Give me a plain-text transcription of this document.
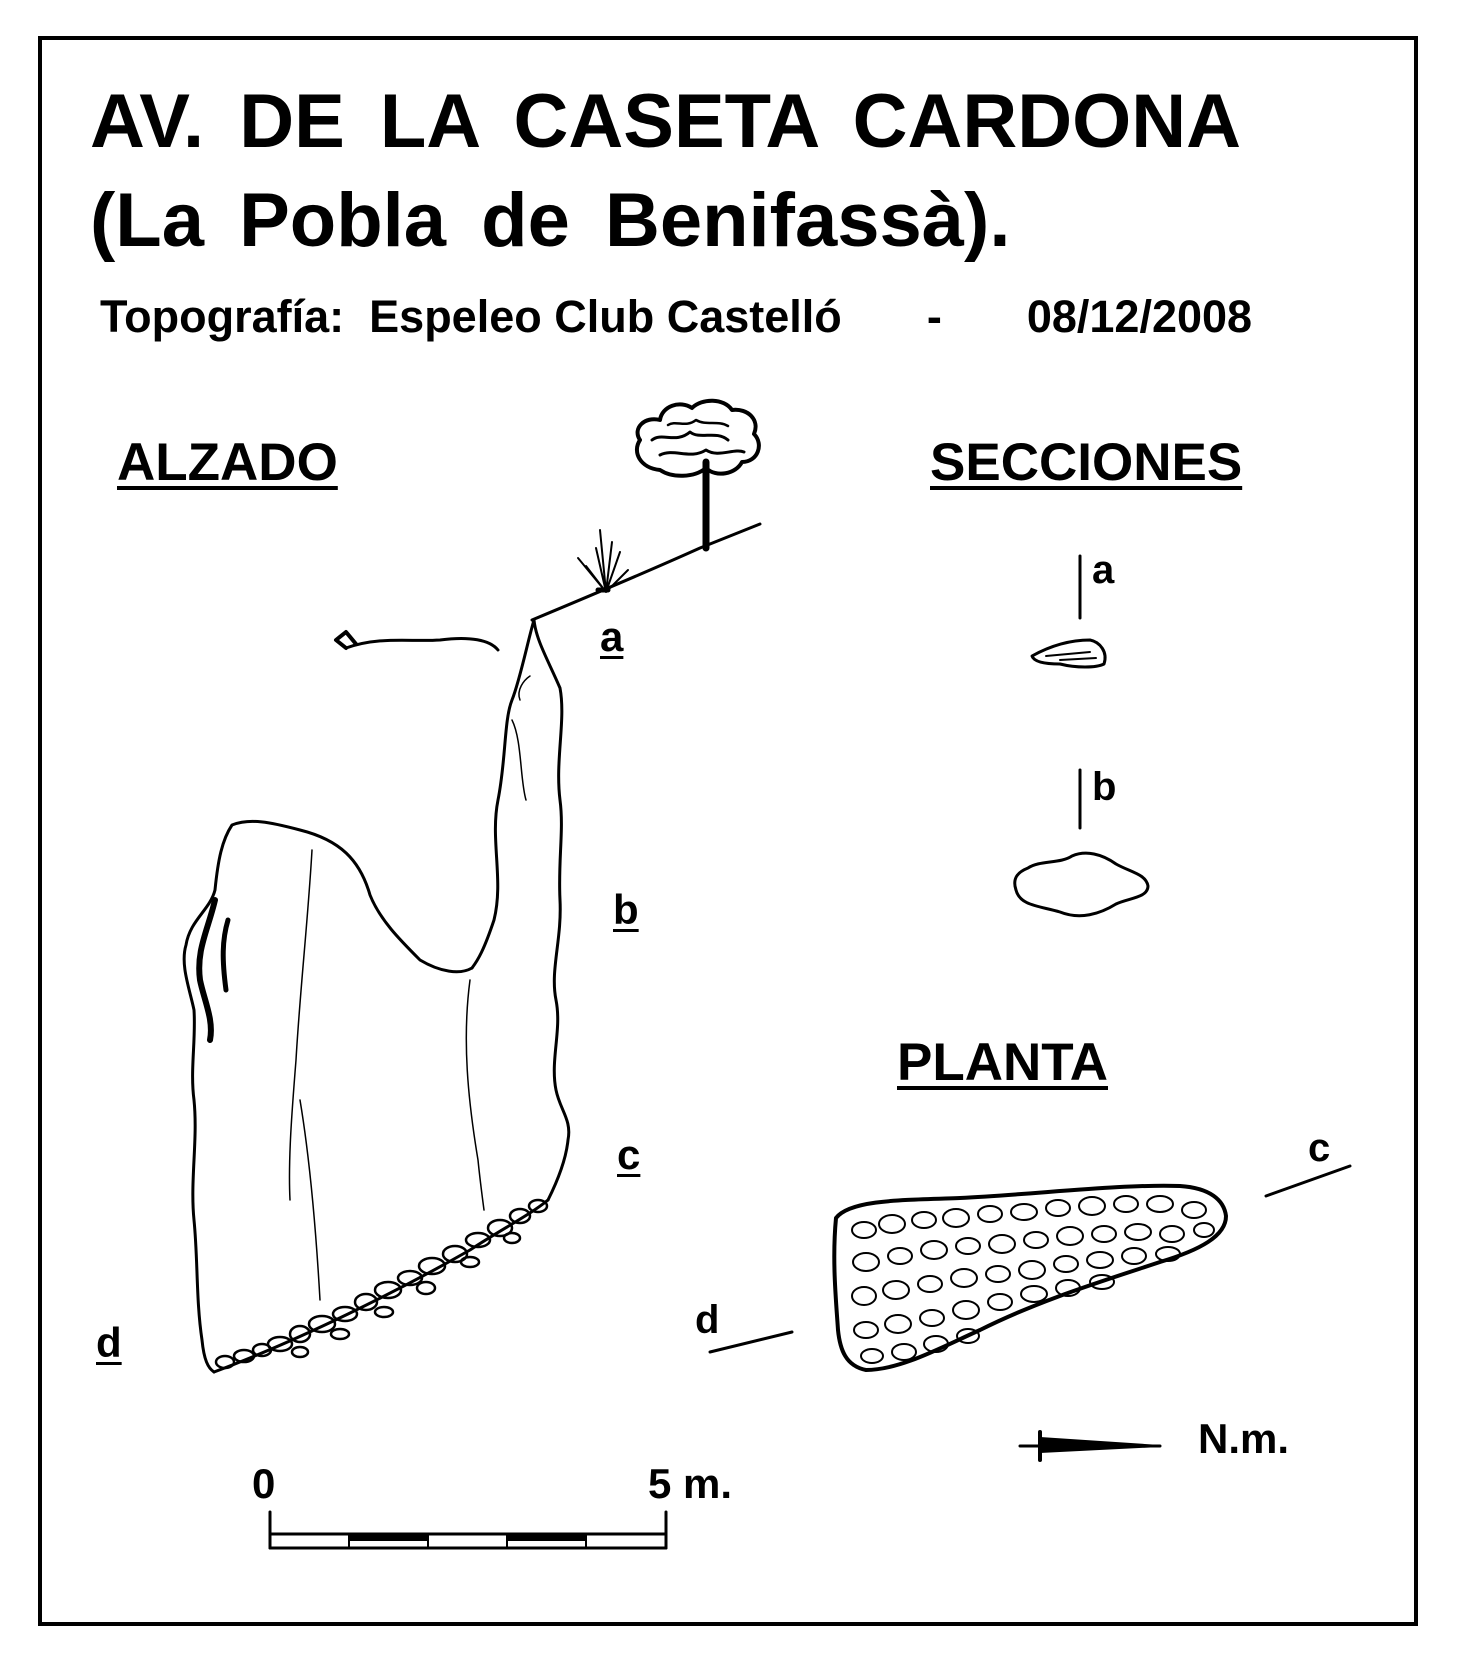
AV. DE LA CASETA CARDONA
(La Pobla de Benifassà).
Topografía: Espeleo Club Castelló - 08/12/2008
ALZADO	SECCIONES
PLANTA
a
b
c
d
a
b
c
d
N.m.
0	5 m.
